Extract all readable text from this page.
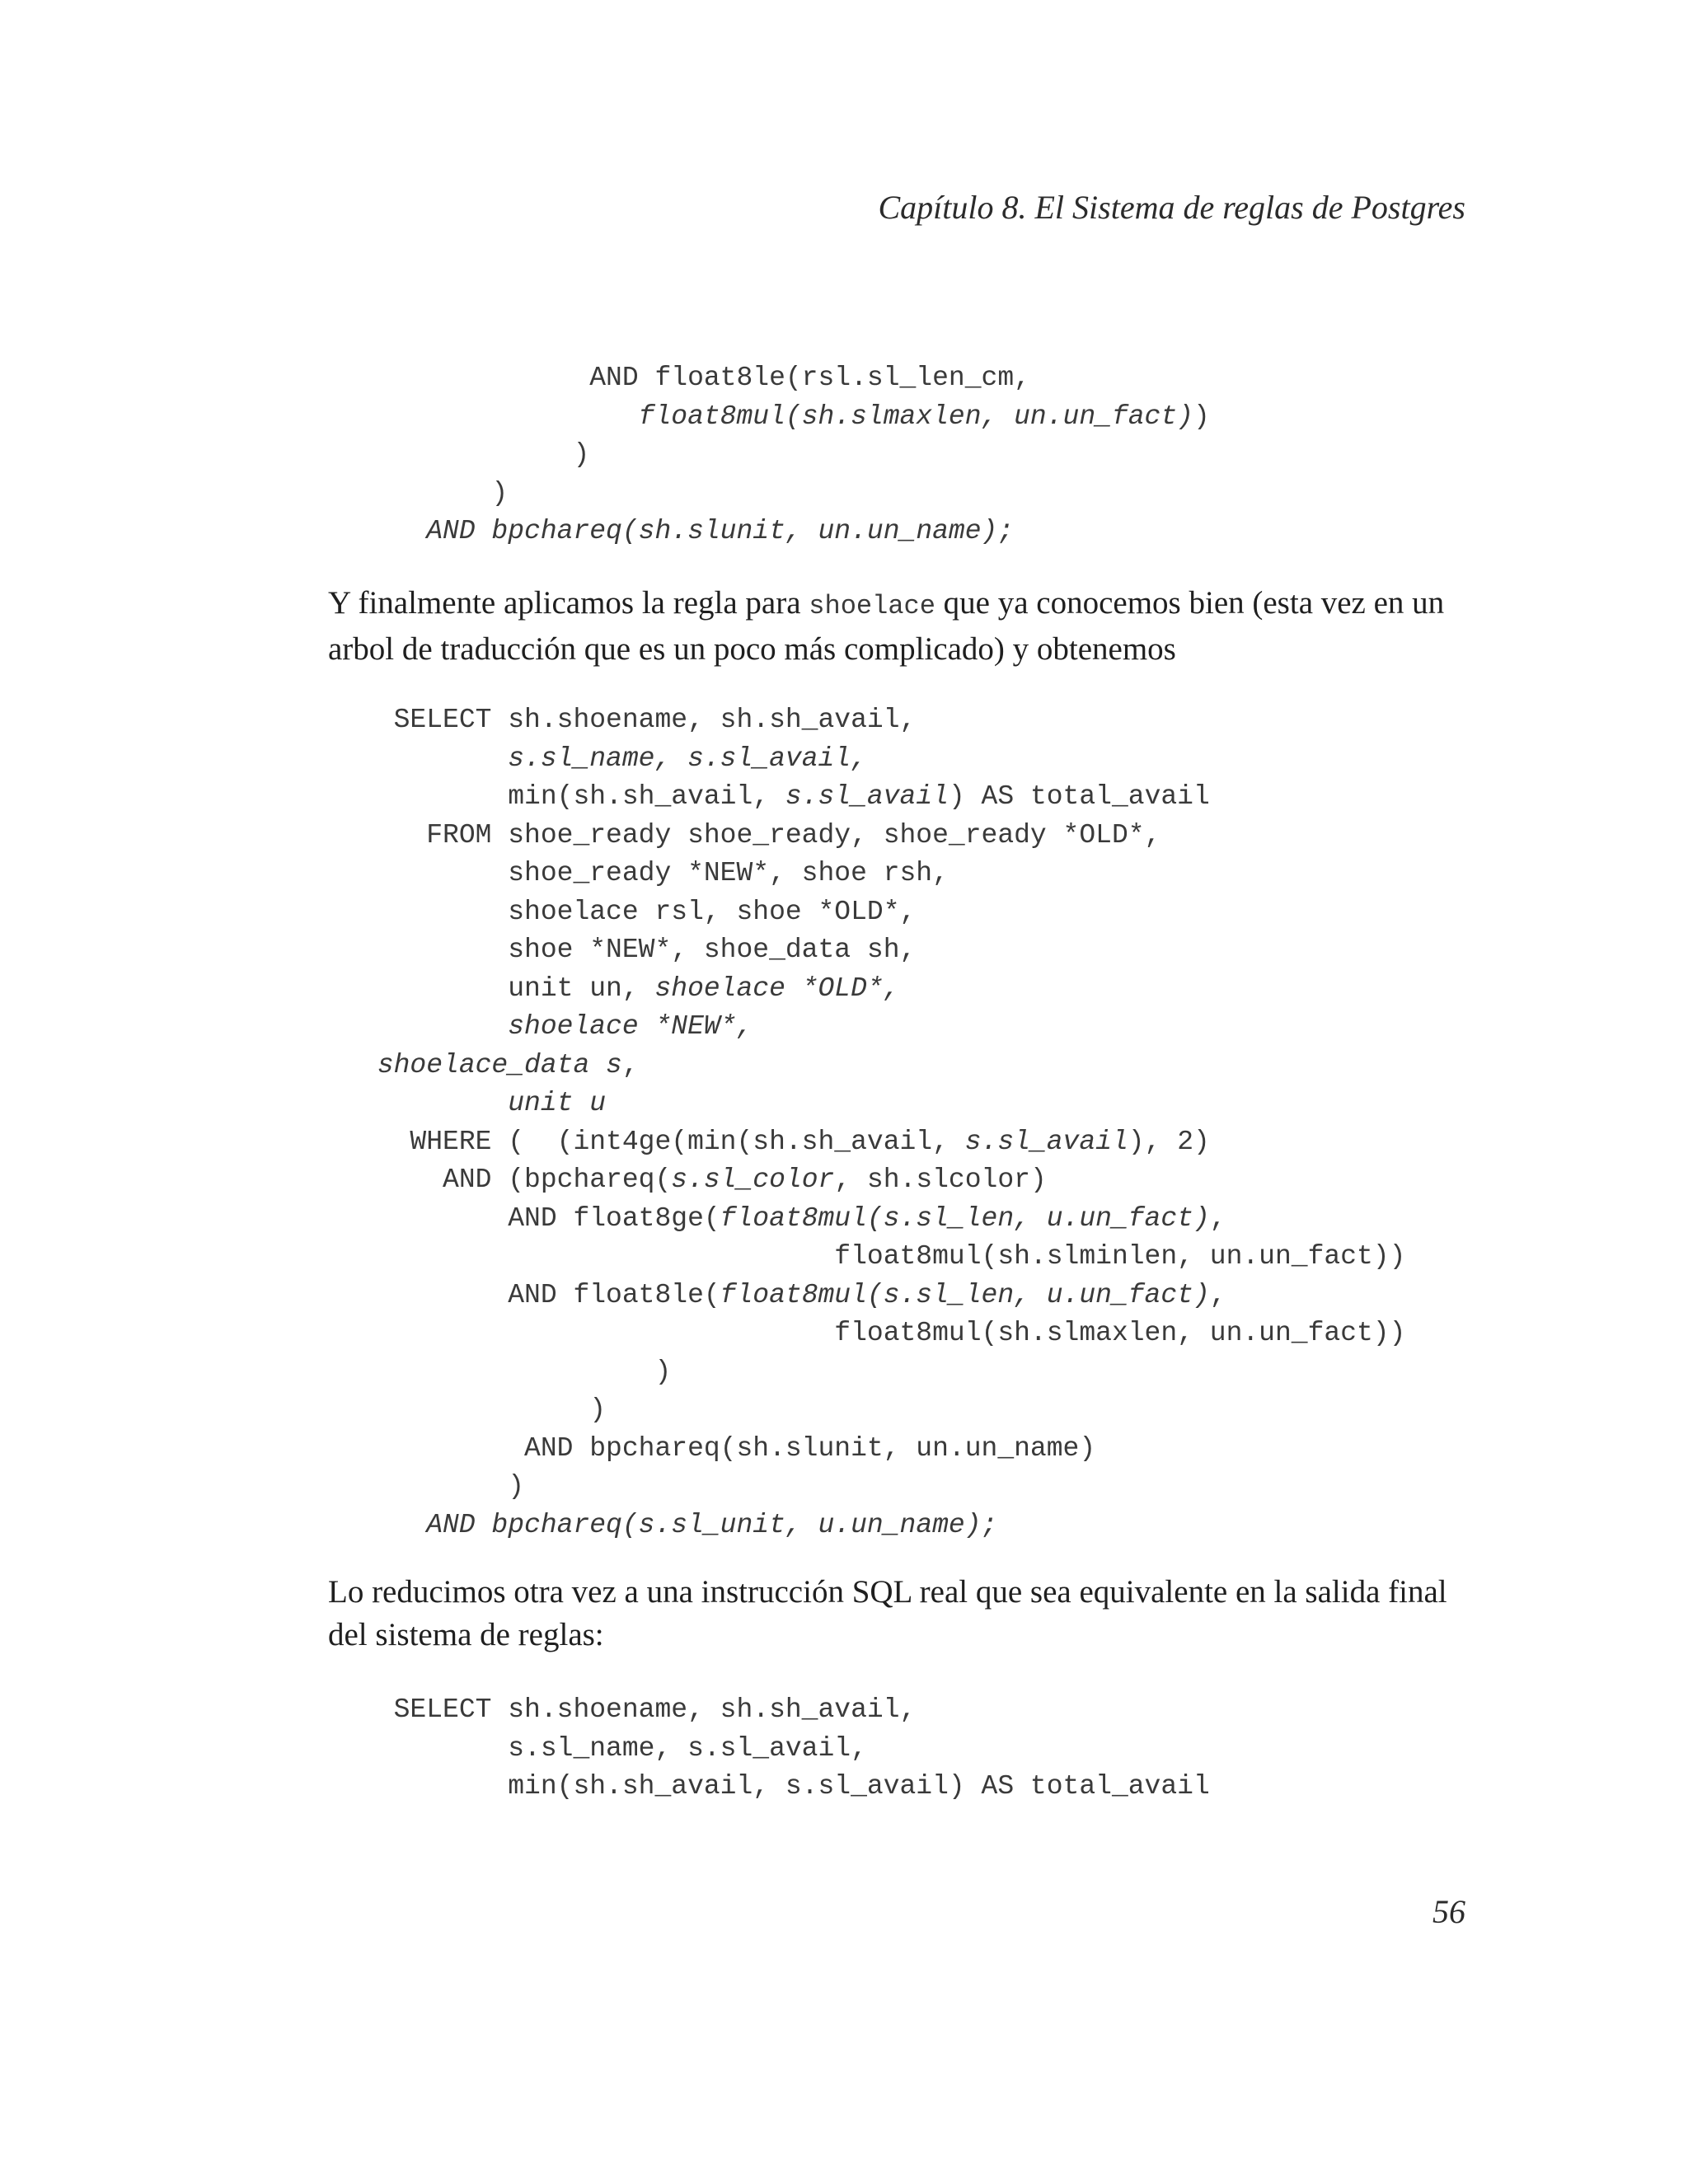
Capítulo 8. El Sistema de reglas de Postgres
AND float8le(rsl.sl_len_cm,
float8mul(sh.slmaxlen, un.un_fact))
)
)
AND bpchareq(sh.slunit, un.un_name);

Y finalmente aplicamos la regla para shoelace que ya conocemos bien (esta vez en un arbol de traducción que es un poco más complicado) y obtenemos

SELECT sh.shoename, sh.sh_avail,
s.sl_name, s.sl_avail,
min(sh.sh_avail, s.sl_avail) AS total_avail
FROM shoe_ready shoe_ready, shoe_ready *OLD*,
shoe_ready *NEW*, shoe rsh,
shoelace rsl, shoe *OLD*,
shoe *NEW*, shoe_data sh,
unit un, shoelace *OLD*,
shoelace *NEW*,
shoelace_data s,
unit u
WHERE (  (int4ge(min(sh.sh_avail, s.sl_avail), 2)
AND (bpchareq(s.sl_color, sh.slcolor)
AND float8ge(float8mul(s.sl_len, u.un_fact),
float8mul(sh.slminlen, un.un_fact))
AND float8le(float8mul(s.sl_len, u.un_fact),
float8mul(sh.slmaxlen, un.un_fact))
)
)
AND bpchareq(sh.slunit, un.un_name)
)
AND bpchareq(s.sl_unit, u.un_name);

Lo reducimos otra vez a una instrucción SQL real que sea equivalente en la salida final del sistema de reglas:

SELECT sh.shoename, sh.sh_avail,
s.sl_name, s.sl_avail,
min(sh.sh_avail, s.sl_avail) AS total_avail
56
